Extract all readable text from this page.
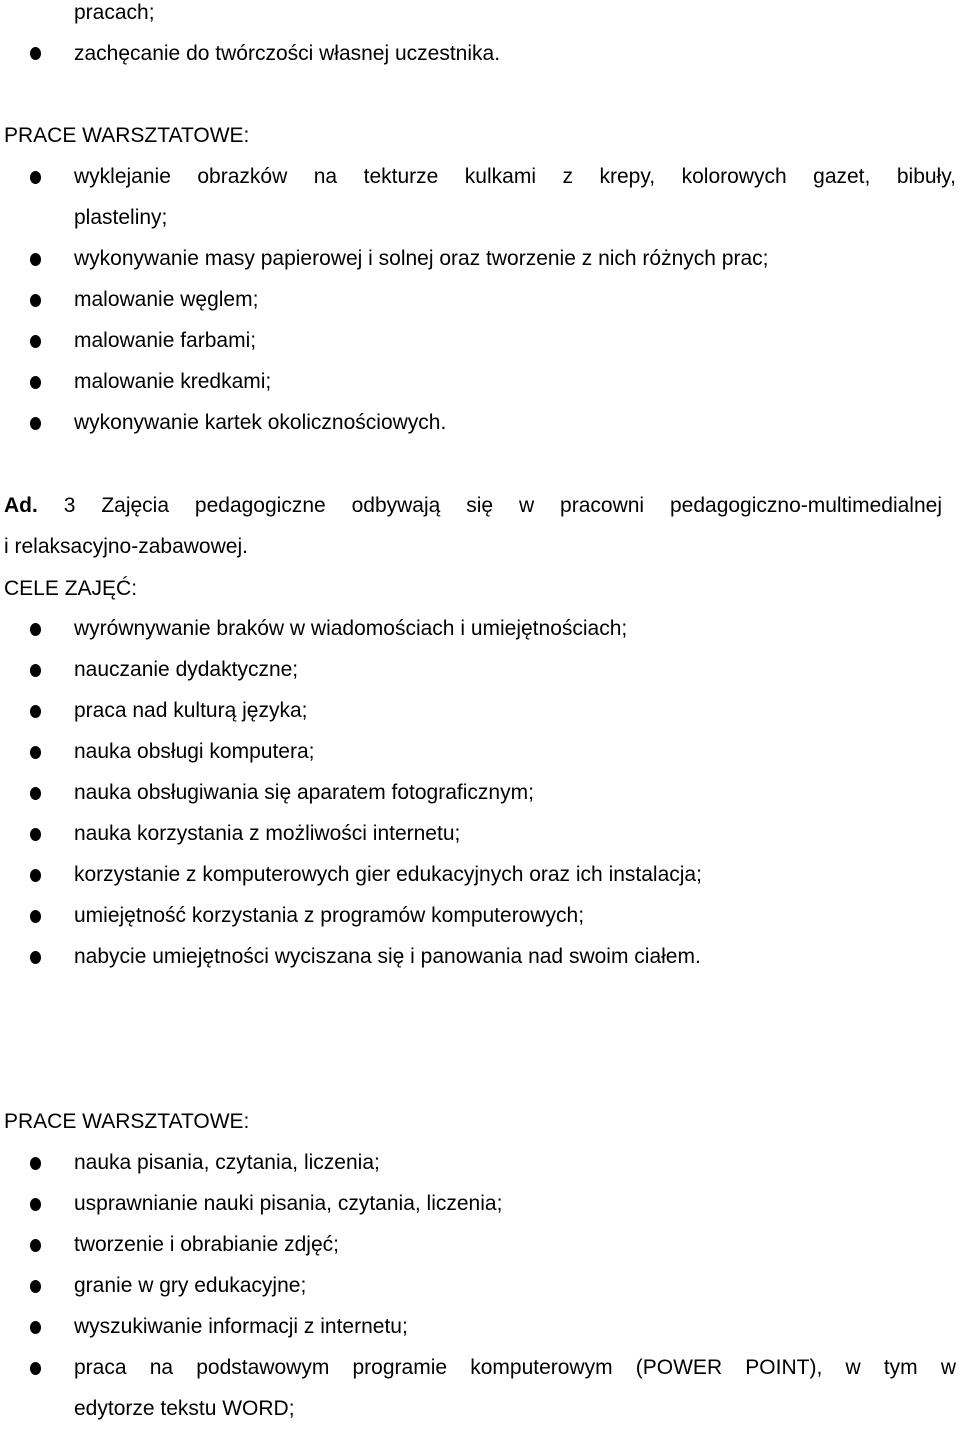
pracach;
zachęcanie do twórczości własnej uczestnika.
PRACE WARSZTATOWE:
wyklejanie obrazków na tekturze kulkami z krepy, kolorowych gazet, bibuły,
plasteliny;
wykonywanie masy papierowej i solnej oraz tworzenie z nich różnych prac;
malowanie węglem;
malowanie farbami;
malowanie kredkami;
wykonywanie kartek okolicznościowych.
Ad. 3 Zajęcia pedagogiczne odbywają się w pracowni pedagogiczno-multimedialnej
i relaksacyjno-zabawowej.
CELE ZAJĘĆ:
wyrównywanie braków w wiadomościach i umiejętnościach;
nauczanie dydaktyczne;
praca nad kulturą języka;
nauka obsługi komputera;
nauka obsługiwania się aparatem fotograficznym;
nauka korzystania z możliwości internetu;
korzystanie z komputerowych gier edukacyjnych oraz ich instalacja;
umiejętność korzystania z programów komputerowych;
nabycie umiejętności wyciszana się i panowania nad swoim ciałem.
PRACE WARSZTATOWE:
nauka pisania, czytania, liczenia;
usprawnianie nauki pisania, czytania, liczenia;
tworzenie i obrabianie zdjęć;
granie w gry edukacyjne;
wyszukiwanie informacji z internetu;
praca na podstawowym programie komputerowym (POWER POINT), w tym w
edytorze tekstu WORD;
